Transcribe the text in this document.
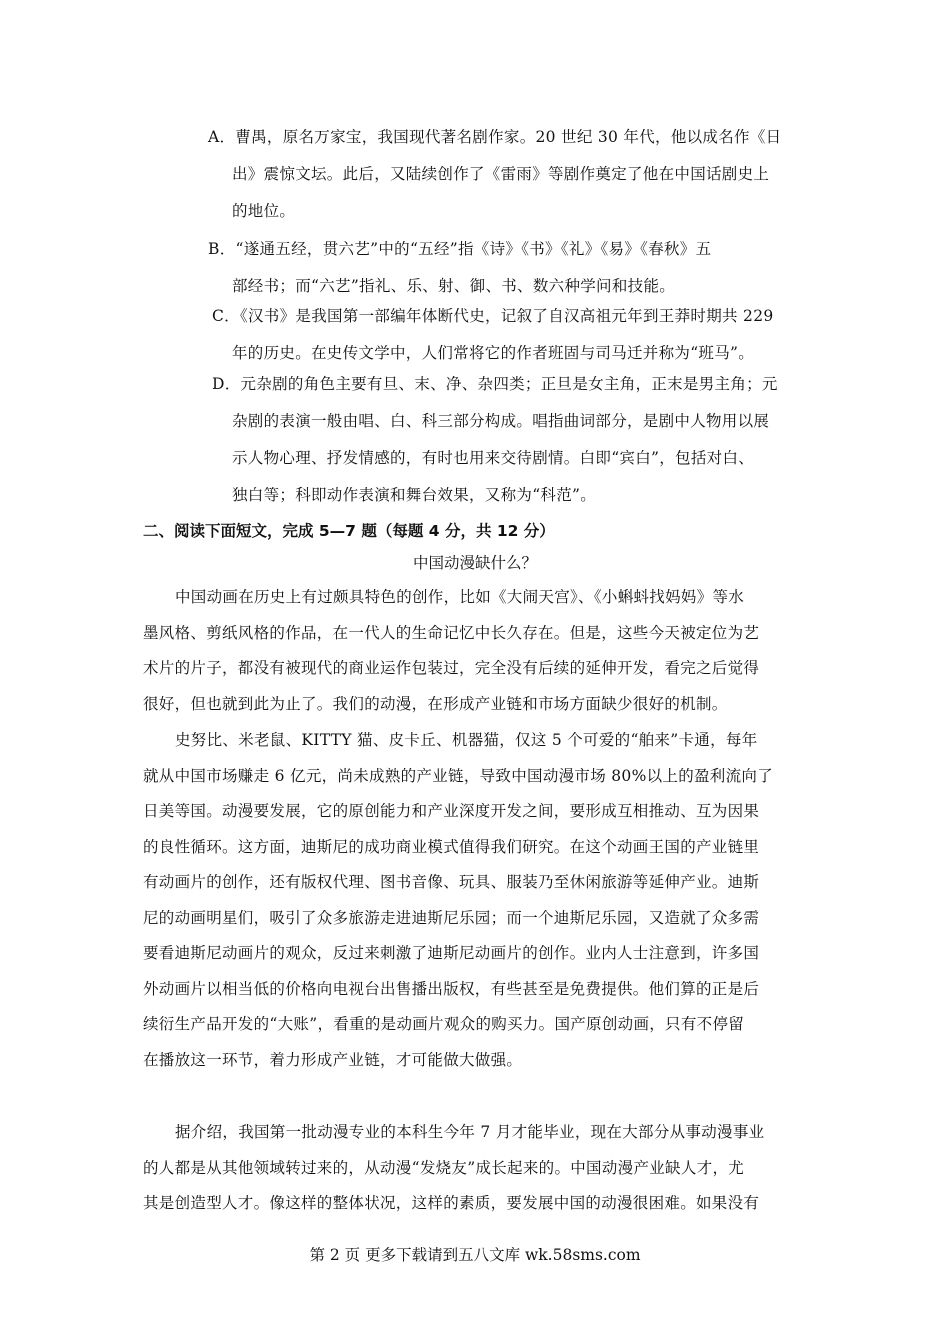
A．曹禺，原名万家宝，我国现代著名剧作家。20 世纪 30 年代，他以成名作《日
出》震惊文坛。此后，又陆续创作了《雷雨》等剧作奠定了他在中国话剧史上
的地位。
B．“遂通五经，贯六艺”中的“五经”指《诗》《书》《礼》《易》《春秋》五
部经书；而“六艺”指礼、乐、射、御、书、数六种学问和技能。
C．《汉书》是我国第一部编年体断代史，记叙了自汉高祖元年到王莽时期共 229
年的历史。在史传文学中，人们常将它的作者班固与司马迁并称为“班马”。
D．元杂剧的角色主要有旦、末、净、杂四类；正旦是女主角，正末是男主角；元
杂剧的表演一般由唱、白、科三部分构成。唱指曲词部分，是剧中人物用以展
示人物心理、抒发情感的，有时也用来交待剧情。白即“宾白”，包括对白、
独白等；科即动作表演和舞台效果，又称为“科范”。
二、阅读下面短文，完成 5—7 题（每题 4 分，共 12 分）
中国动漫缺什么？
中国动画在历史上有过颇具特色的创作，比如《大闹天宫》、《小蝌蚪找妈妈》等水
墨风格、剪纸风格的作品，在一代人的生命记忆中长久存在。但是，这些今天被定位为艺
术片的片子，都没有被现代的商业运作包装过，完全没有后续的延伸开发，看完之后觉得
很好，但也就到此为止了。我们的动漫，在形成产业链和市场方面缺少很好的机制。
史努比、米老鼠、KITTY 猫、皮卡丘、机器猫，仅这 5 个可爱的“舶来”卡通，每年
就从中国市场赚走 6 亿元，尚未成熟的产业链，导致中国动漫市场 80%以上的盈利流向了
日美等国。动漫要发展，它的原创能力和产业深度开发之间，要形成互相推动、互为因果
的良性循环。这方面，迪斯尼的成功商业模式值得我们研究。在这个动画王国的产业链里
有动画片的创作，还有版权代理、图书音像、玩具、服装乃至休闲旅游等延伸产业。迪斯
尼的动画明星们，吸引了众多旅游走进迪斯尼乐园；而一个迪斯尼乐园，又造就了众多需
要看迪斯尼动画片的观众，反过来刺激了迪斯尼动画片的创作。业内人士注意到，许多国
外动画片以相当低的价格向电视台出售播出版权，有些甚至是免费提供。他们算的正是后
续衍生产品开发的“大账”，看重的是动画片观众的购买力。国产原创动画，只有不停留
在播放这一环节，着力形成产业链，才可能做大做强。
据介绍，我国第一批动漫专业的本科生今年 7 月才能毕业，现在大部分从事动漫事业
的人都是从其他领域转过来的，从动漫“发烧友”成长起来的。中国动漫产业缺人才，尤
其是创造型人才。像这样的整体状况，这样的素质，要发展中国的动漫很困难。如果没有
第 2 页 更多下载请到五八文库 wk.58sms.com
